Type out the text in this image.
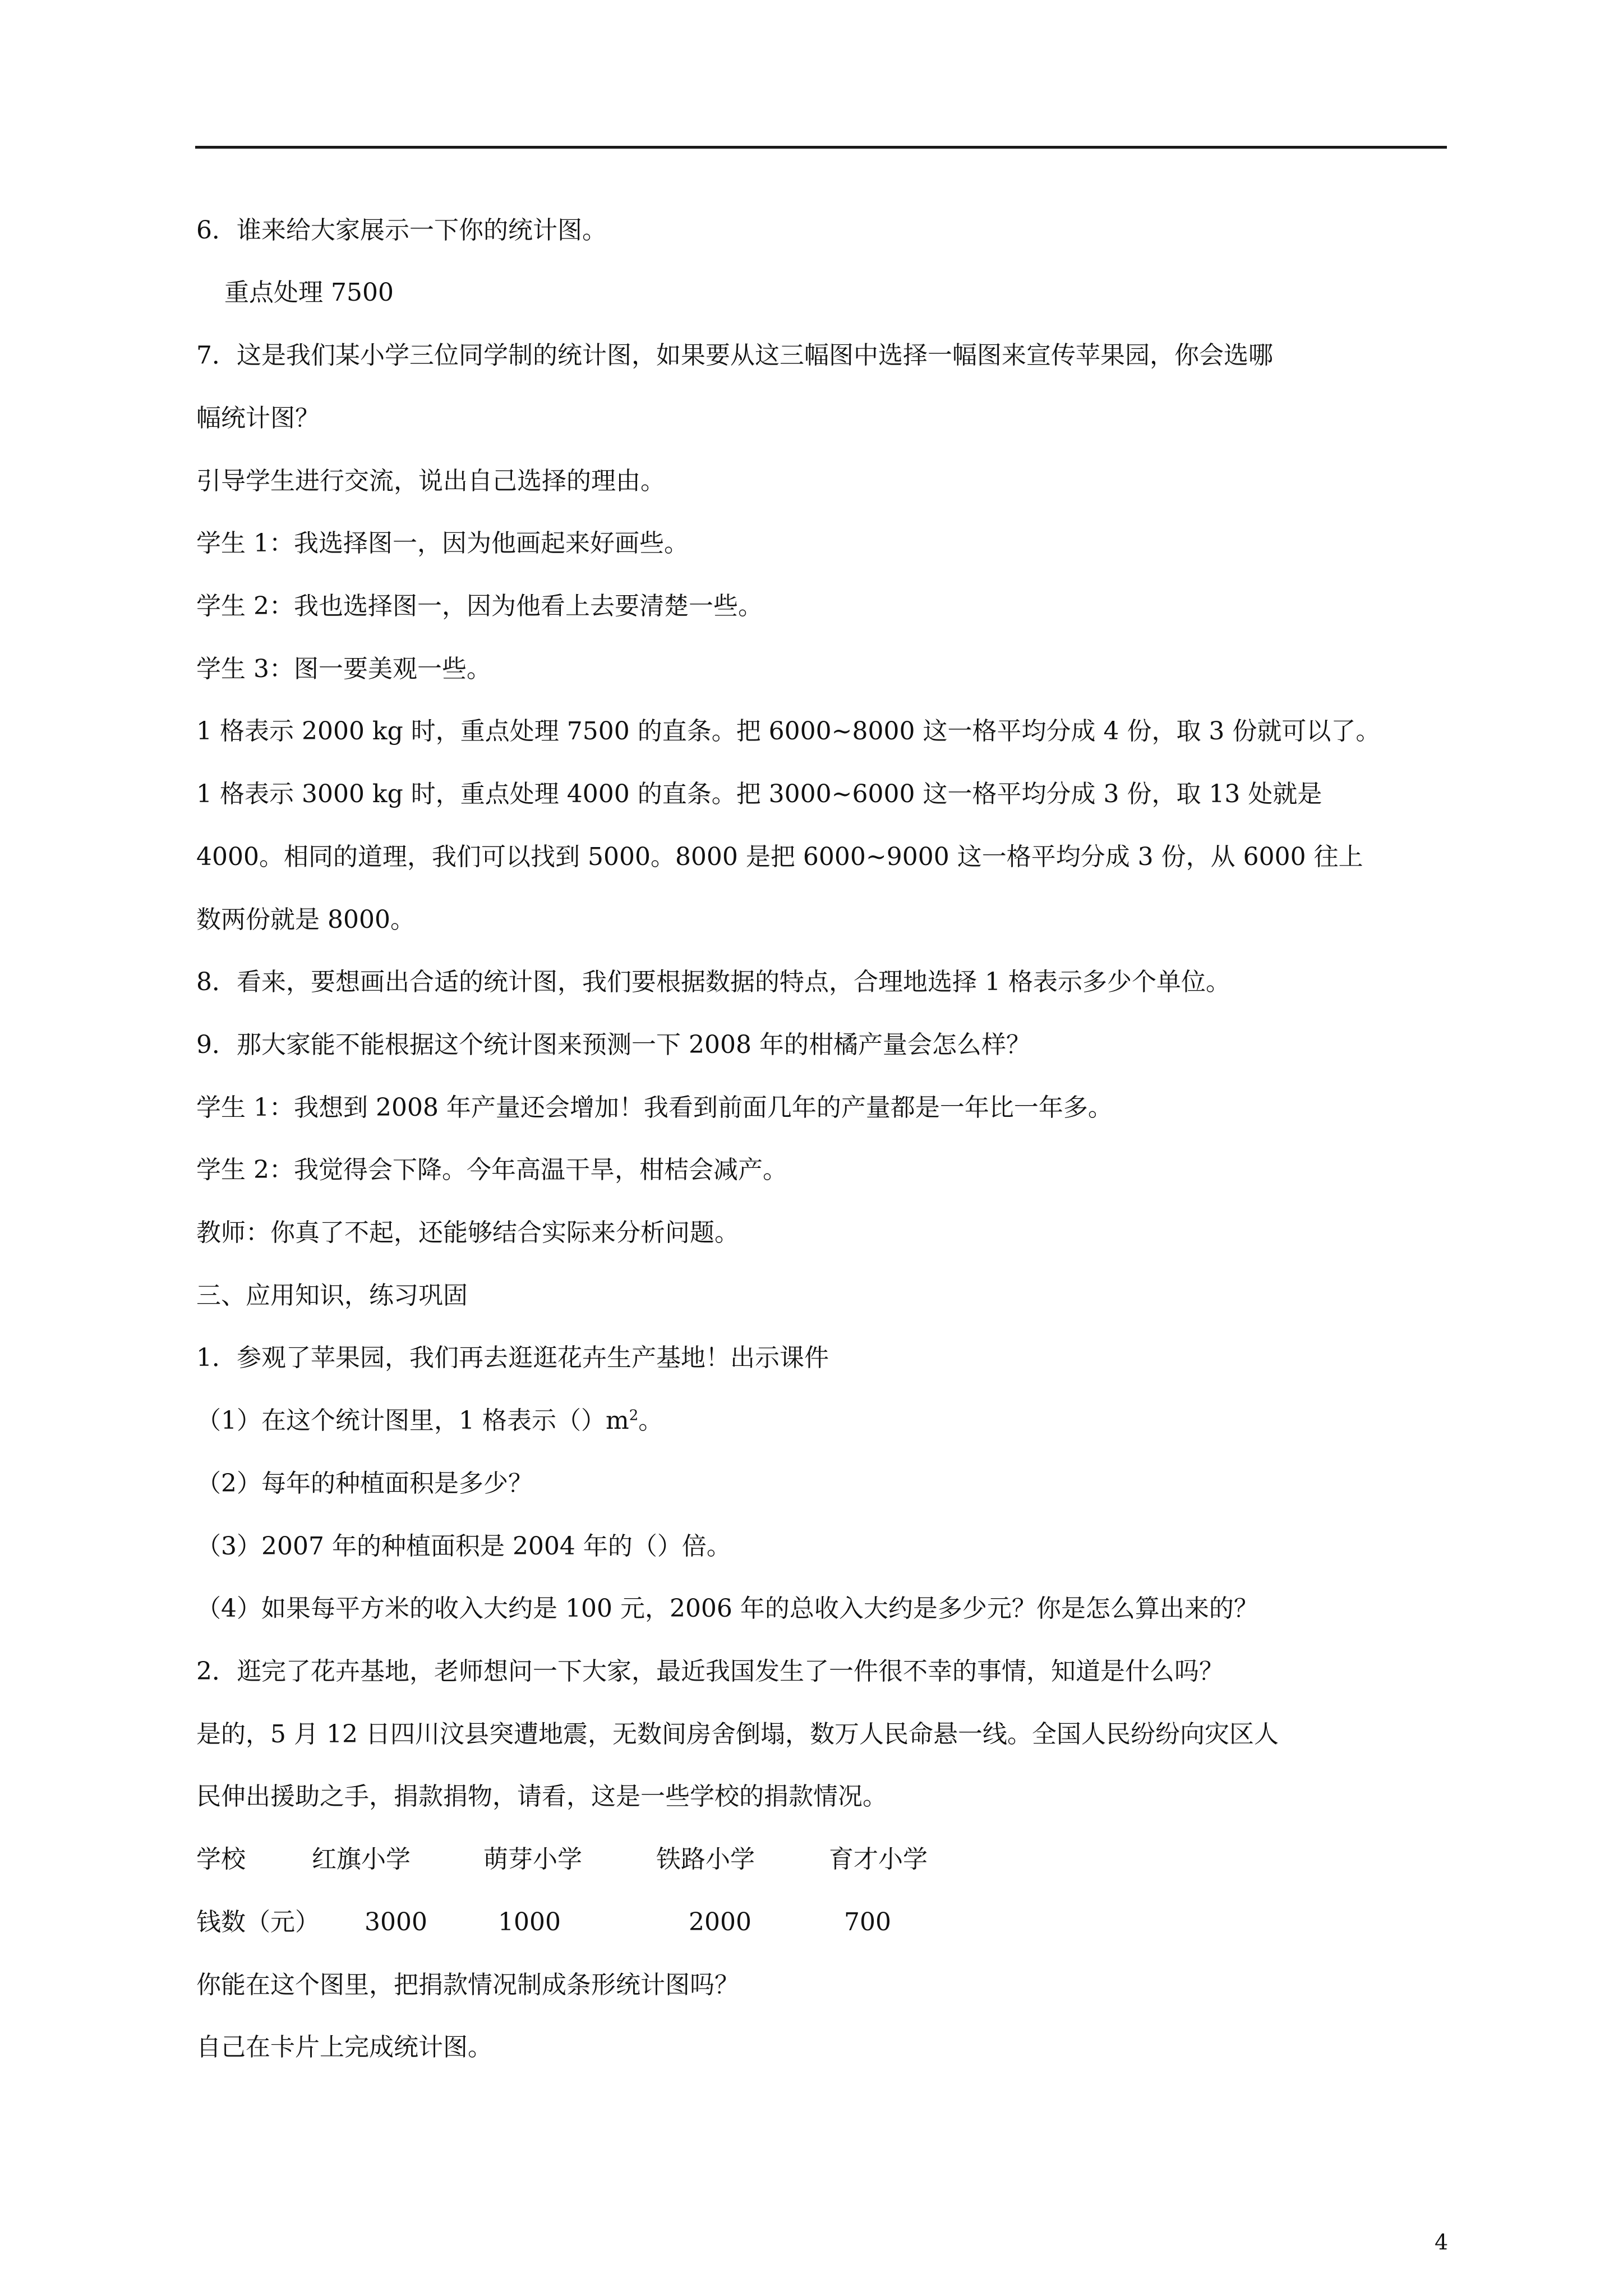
6．谁来给大家展示一下你的统计图。
重点处理 7500
7．这是我们某小学三位同学制的统计图，如果要从这三幅图中选择一幅图来宣传苹果园，你会选哪
幅统计图？
引导学生进行交流，说出自己选择的理由。
学生 1：我选择图一，因为他画起来好画些。
学生 2：我也选择图一，因为他看上去要清楚一些。
学生 3：图一要美观一些。
1 格表示 2000 kg 时，重点处理 7500 的直条。把 6000~8000 这一格平均分成 4 份，取 3 份就可以了。
1 格表示 3000 kg 时，重点处理 4000 的直条。把 3000~6000 这一格平均分成 3 份，取 13 处就是
4000。相同的道理，我们可以找到 5000。8000 是把 6000~9000 这一格平均分成 3 份，从 6000 往上
数两份就是 8000。
8．看来，要想画出合适的统计图，我们要根据数据的特点，合理地选择 1 格表示多少个单位。
9．那大家能不能根据这个统计图来预测一下 2008 年的柑橘产量会怎么样？
学生 1：我想到 2008 年产量还会增加！我看到前面几年的产量都是一年比一年多。
学生 2：我觉得会下降。今年高温干旱，柑桔会减产。
教师：你真了不起，还能够结合实际来分析问题。
三、应用知识，练习巩固
1．参观了苹果园，我们再去逛逛花卉生产基地！出示课件
（1）在这个统计图里，1 格表示$()m^2$。
（2）每年的种植面积是多少？
（3）2007 年的种植面积是 2004 年的（）倍。
（4）如果每平方米的收入大约是 100 元，2006 年的总收入大约是多少元？你是怎么算出来的？
2．逛完了花卉基地，老师想问一下大家，最近我国发生了一件很不幸的事情，知道是什么吗？
是的，5 月 12 日四川汶县突遭地震，无数间房舍倒塌，数万人民命悬一线。全国人民纷纷向灾区人
民伸出援助之手，捐款捐物，请看，这是一些学校的捐款情况。
学校	红旗小学	萌芽小学	铁路小学	育才小学
钱数（元） 3000	1000	2000	700
你能在这个图里，把捐款情况制成条形统计图吗？
自己在卡片上完成统计图。
4
